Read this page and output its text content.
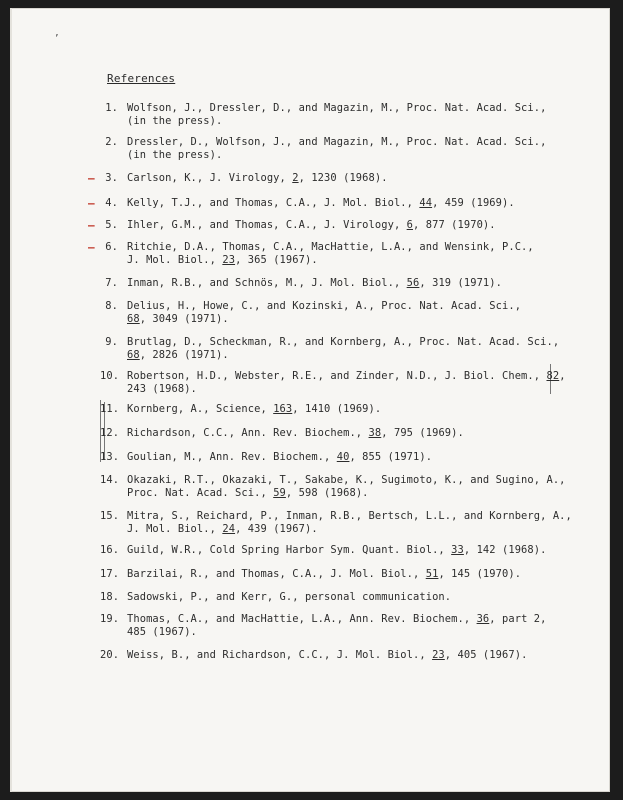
’
References
–
–
–
–
1. Wolfson, J., Dressler, D., and Magazin, M., Proc. Nat. Acad. Sci.,
(in the press).
2. Dressler, D., Wolfson, J., and Magazin, M., Proc. Nat. Acad. Sci.,
(in the press).
3. Carlson, K., J. Virology, 2, 1230 (1968).
4. Kelly, T.J., and Thomas, C.A., J. Mol. Biol., 44, 459 (1969).
5. Ihler, G.M., and Thomas, C.A., J. Virology, 6, 877 (1970).
6. Ritchie, D.A., Thomas, C.A., MacHattie, L.A., and Wensink, P.C.,
J. Mol. Biol., 23, 365 (1967).
7. Inman, R.B., and Schnös, M., J. Mol. Biol., 56, 319 (1971).
8. Delius, H., Howe, C., and Kozinski, A., Proc. Nat. Acad. Sci.,
68, 3049 (1971).
9. Brutlag, D., Scheckman, R., and Kornberg, A., Proc. Nat. Acad. Sci.,
68, 2826 (1971).
10. Robertson, H.D., Webster, R.E., and Zinder, N.D., J. Biol. Chem., 82
243 (1968).
11. Kornberg, A., Science, 163, 1410 (1969).
12. Richardson, C.C., Ann. Rev. Biochem., 38, 795 (1969).
13. Goulian, M., Ann. Rev. Biochem., 40, 855 (1971).
14. Okazaki, R.T., Okazaki, T., Sakabe, K., Sugimoto, K., and Sugino, A.,
Proc. Nat. Acad. Sci., 59, 598 (1968).
15. Mitra, S., Reichard, P., Inman, R.B., Bertsch, L.L., and Kornberg, A.,
J. Mol. Biol., 24, 439 (1967).
16. Guild, W.R., Cold Spring Harbor Sym. Quant. Biol., 33, 142 (1968).
17. Barzilai, R., and Thomas, C.A., J. Mol. Biol., 51, 145 (1970).
18. Sadowski, P., and Kerr, G., personal communication.
19. Thomas, C.A., and MacHattie, L.A., Ann. Rev. Biochem., 36, part 2,
485 (1967).
20. Weiss, B., and Richardson, C.C., J. Mol. Biol., 23, 405 (1967).
